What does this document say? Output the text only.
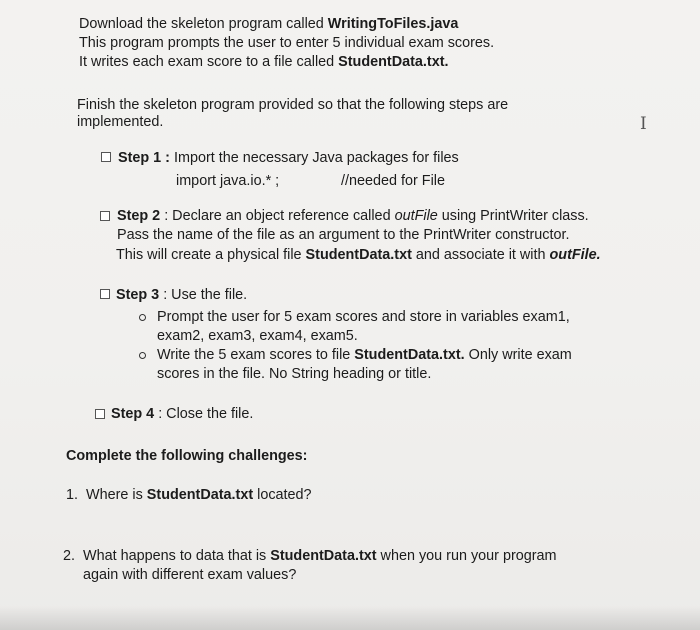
Download the skeleton program called WritingToFiles.java
This program prompts the user to enter 5 individual exam scores.
It writes each exam score to a file called StudentData.txt.
Finish the skeleton program provided so that the following steps are
implemented.	I
Step 1 : Import the necessary Java packages for files
import java.io.* ;	//needed for File
Step 2 : Declare an object reference called outFile using PrintWriter class.
Pass the name of the file as an argument to the PrintWriter constructor.
This will create a physical file StudentData.txt and associate it with outFile.
Step 3 : Use the file.
Prompt the user for 5 exam scores and store in variables exam1,
exam2, exam3, exam4, exam5.
Write the 5 exam scores to file StudentData.txt. Only write exam
scores in the file. No String heading or title.
Step 4 : Close the file.
Complete the following challenges:
1. Where is StudentData.txt located?
2. What happens to data that is StudentData.txt when you run your program
again with different exam values?
